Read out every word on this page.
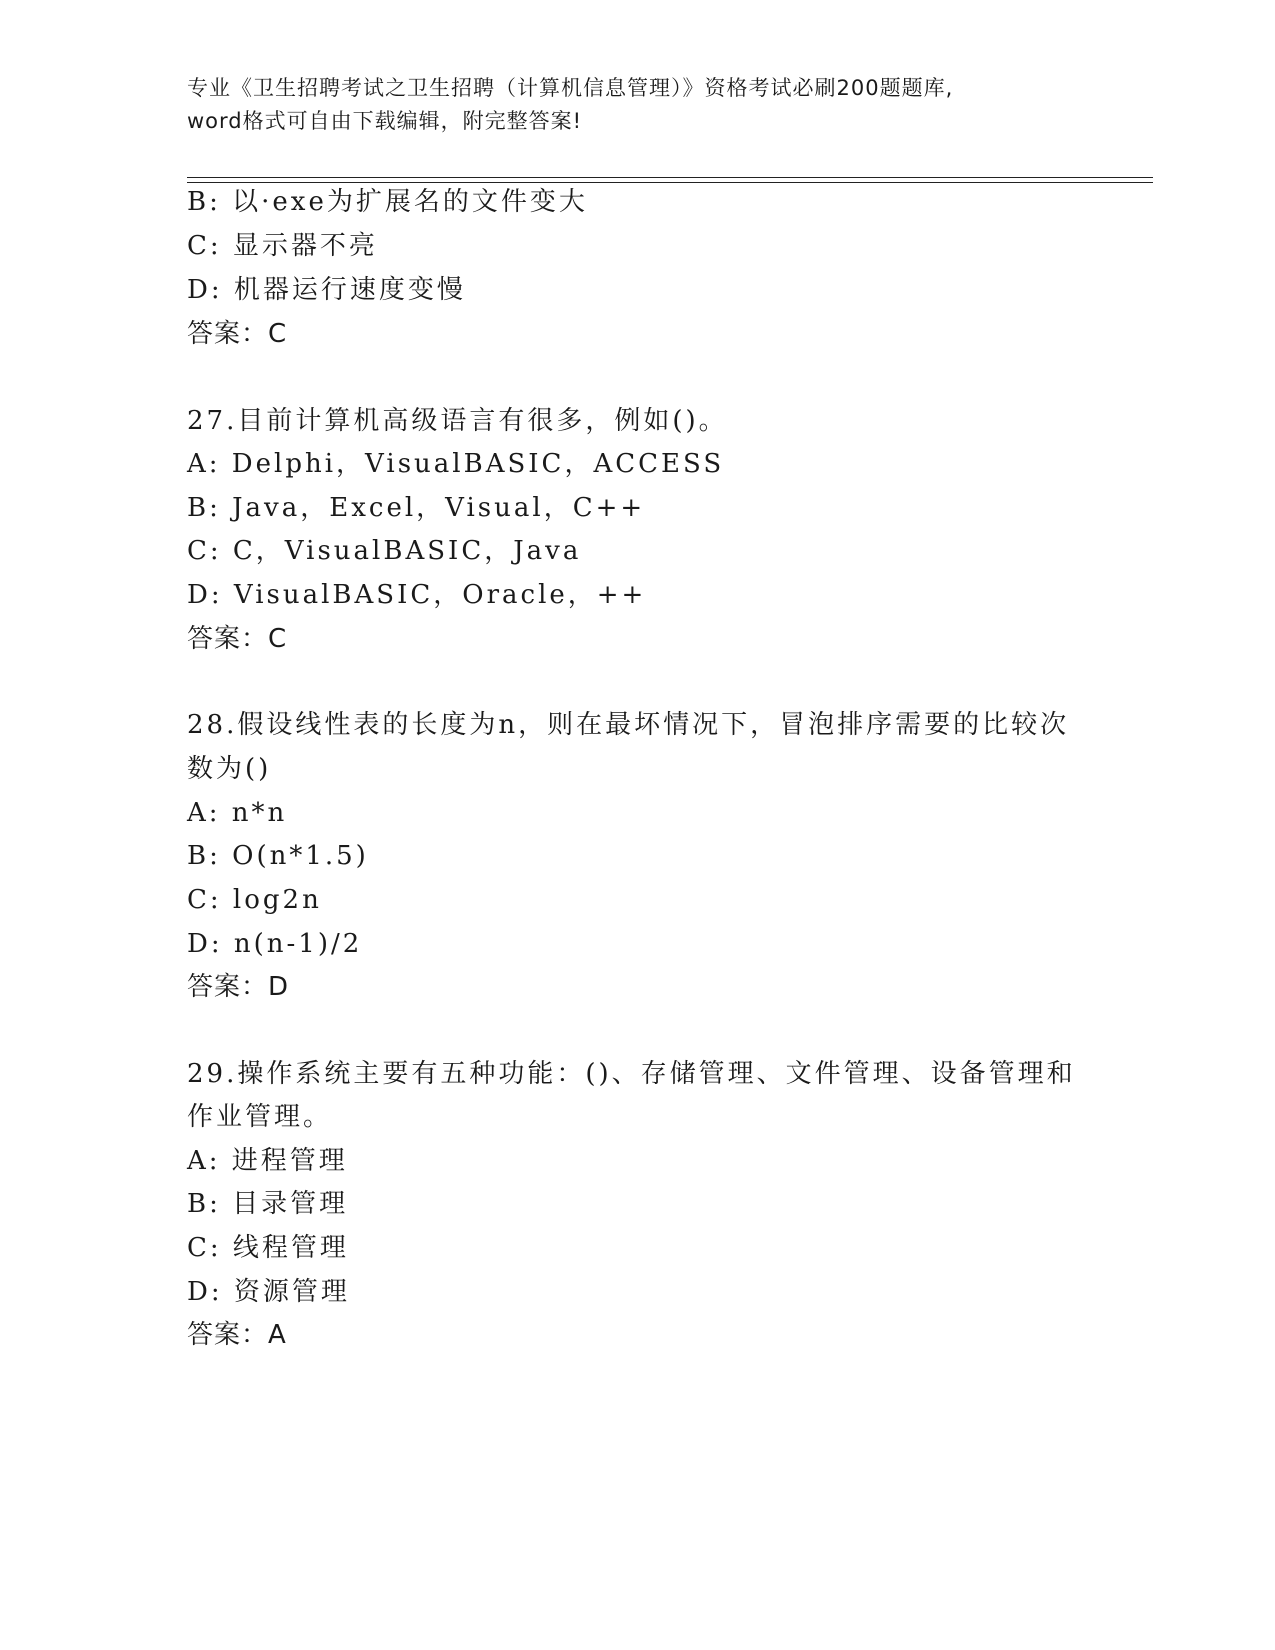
专业《卫生招聘考试之卫生招聘（计算机信息管理）》资格考试必刷200题题库,
word格式可自由下载编辑，附完整答案!
B: 以·exe为扩展名的文件变大
C: 显示器不亮
D: 机器运行速度变慢
答案：C
27.目前计算机高级语言有很多，例如()。
A: Delphi，VisualBASIC，ACCESS
B: Java，Excel，Visual，C++
C: C，VisualBASIC，Java
D: VisualBASIC，Oracle，++
答案：C
28.假设线性表的长度为n，则在最坏情况下，冒泡排序需要的比较次
数为()
A: n*n
B: O(n*1.5)
C: log2n
D: n(n-1)/2
答案：D
29.操作系统主要有五种功能：()、存储管理、文件管理、设备管理和
作业管理。
A: 进程管理
B: 目录管理
C: 线程管理
D: 资源管理
答案：A
